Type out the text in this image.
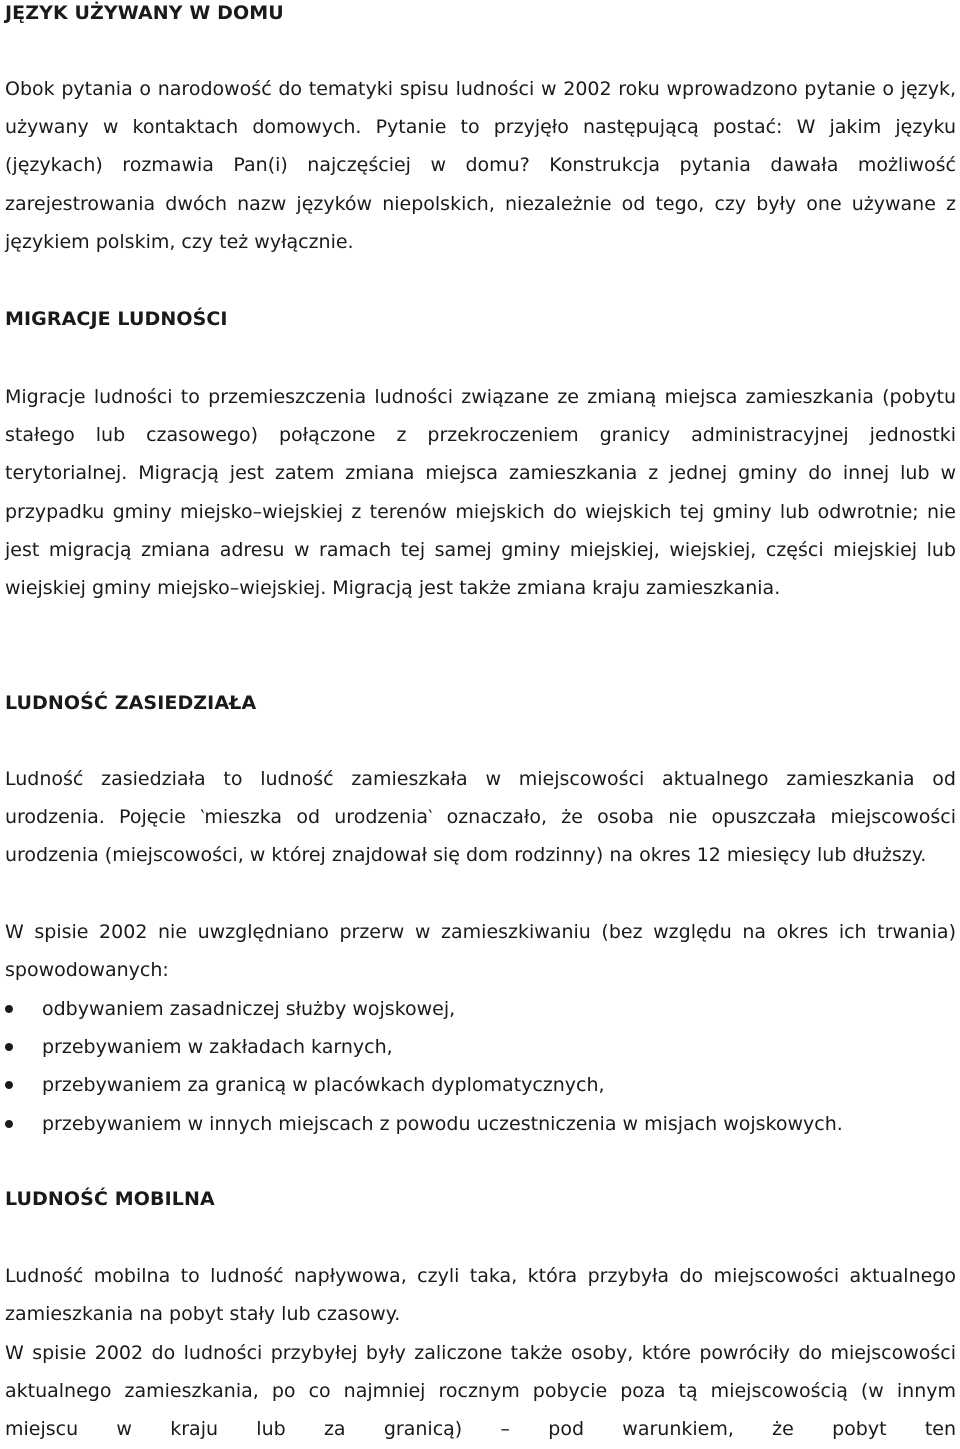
JĘZYK UŻYWANY W DOMU

Obok pytania o narodowość do tematyki spisu ludności w 2002 roku wprowadzono pytanie o język, używany w kontaktach domowych. Pytanie to przyjęło następującą postać: W jakim języku (językach) rozmawia Pan(i) najczęściej w domu? Konstrukcja pytania dawała możliwość zarejestrowania dwóch nazw języków niepolskich, niezależnie od tego, czy były one używane z językiem polskim, czy też wyłącznie.

MIGRACJE LUDNOŚCI

Migracje ludności to przemieszczenia ludności związane ze zmianą miejsca zamieszkania (pobytu stałego lub czasowego) połączone z przekroczeniem granicy administracyjnej jednostki terytorialnej. Migracją jest zatem zmiana miejsca zamieszkania z jednej gminy do innej lub w przypadku gminy miejsko–wiejskiej z terenów miejskich do wiejskich tej gminy lub odwrotnie; nie jest migracją zmiana adresu w ramach tej samej gminy miejskiej, wiejskiej, części miejskiej lub wiejskiej gminy miejsko–wiejskiej. Migracją jest także zmiana kraju zamieszkania.

LUDNOŚĆ ZASIEDZIAŁA

Ludność zasiedziała to ludność zamieszkała w miejscowości aktualnego zamieszkania od urodzenia. Pojęcie ‵mieszka od urodzenia‵ oznaczało, że osoba nie opuszczała miejscowości urodzenia (miejscowości, w której znajdował się dom rodzinny) na okres 12 miesięcy lub dłuższy.

W spisie 2002 nie uwzględniano przerw w zamieszkiwaniu (bez względu na okres ich trwania) spowodowanych:

odbywaniem zasadniczej służby wojskowej,
przebywaniem w zakładach karnych,
przebywaniem za granicą w placówkach dyplomatycznych,
przebywaniem w innych miejscach z powodu uczestniczenia w misjach wojskowych.
LUDNOŚĆ MOBILNA

Ludność mobilna to ludność napływowa, czyli taka, która przybyła do miejscowości aktualnego zamieszkania na pobyt stały lub czasowy.

W spisie 2002 do ludności przybyłej były zaliczone także osoby, które powróciły do miejscowości aktualnego zamieszkania, po co najmniej rocznym pobycie poza tą miejscowością (w innym miejscu w kraju lub za granicą) – pod warunkiem, że pobyt ten
